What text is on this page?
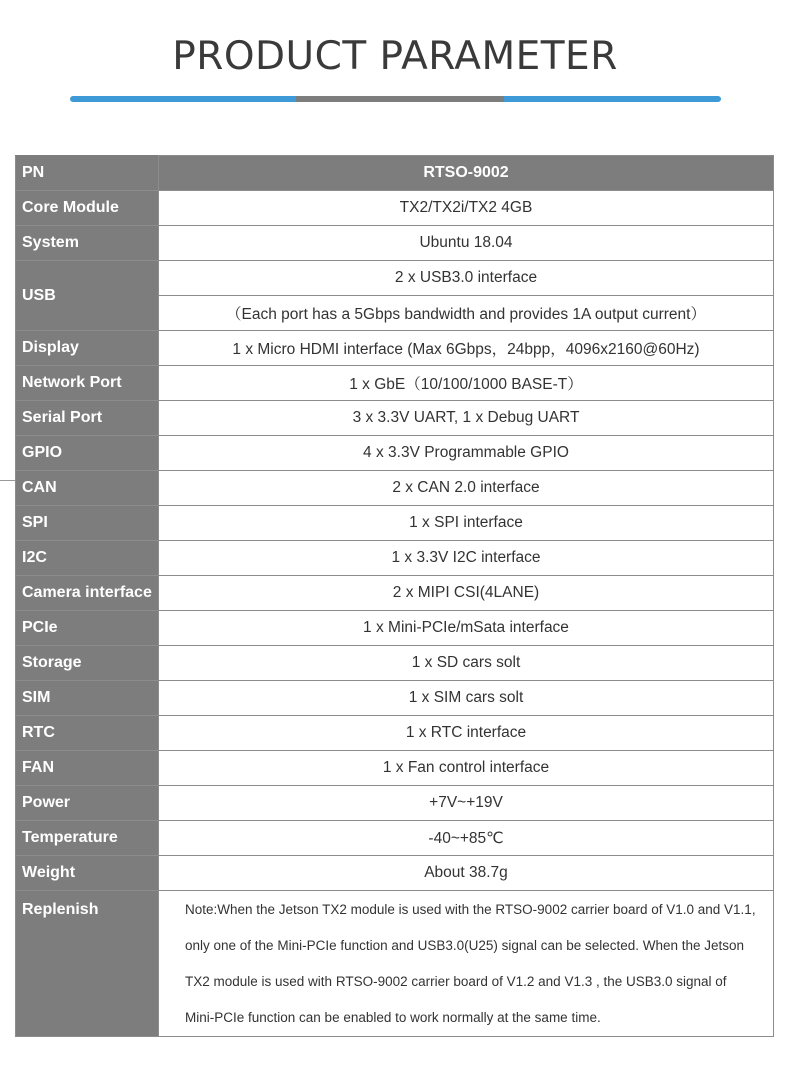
PRODUCT PARAMETER
PN	RTSO-9002
Core Module	TX2/TX2i/TX2 4GB
System	Ubuntu 18.04
USB	2 x USB3.0 interface
	（Each port has a 5Gbps bandwidth and provides 1A output current）
Display	1 x Micro HDMI interface (Max 6Gbps，24bpp，4096x2160@60Hz)
Network Port	1 x GbE（10/100/1000 BASE-T）
Serial Port	3 x 3.3V UART, 1 x Debug UART
GPIO	4 x 3.3V Programmable GPIO
CAN	2 x CAN 2.0 interface
SPI	1 x SPI interface
I2C	1 x 3.3V I2C interface
Camera interface	2 x MIPI CSI(4LANE)
PCIe	1 x Mini-PCIe/mSata interface
Storage	1 x SD cars solt
SIM	1 x SIM cars solt
RTC	1 x RTC interface
FAN	1 x Fan control interface
Power	+7V~+19V
Temperature	-40~+85℃
Weight	About 38.7g
Replenish	Note:When the Jetson TX2 module is used with the RTSO-9002 carrier board of V1.0 and V1.1, only one of the Mini-PCIe function and USB3.0(U25) signal can be selected. When the Jetson TX2 module is used with RTSO-9002 carrier board of V1.2 and V1.3 , the USB3.0 signal of Mini-PCIe function can be enabled to work normally at the same time.
